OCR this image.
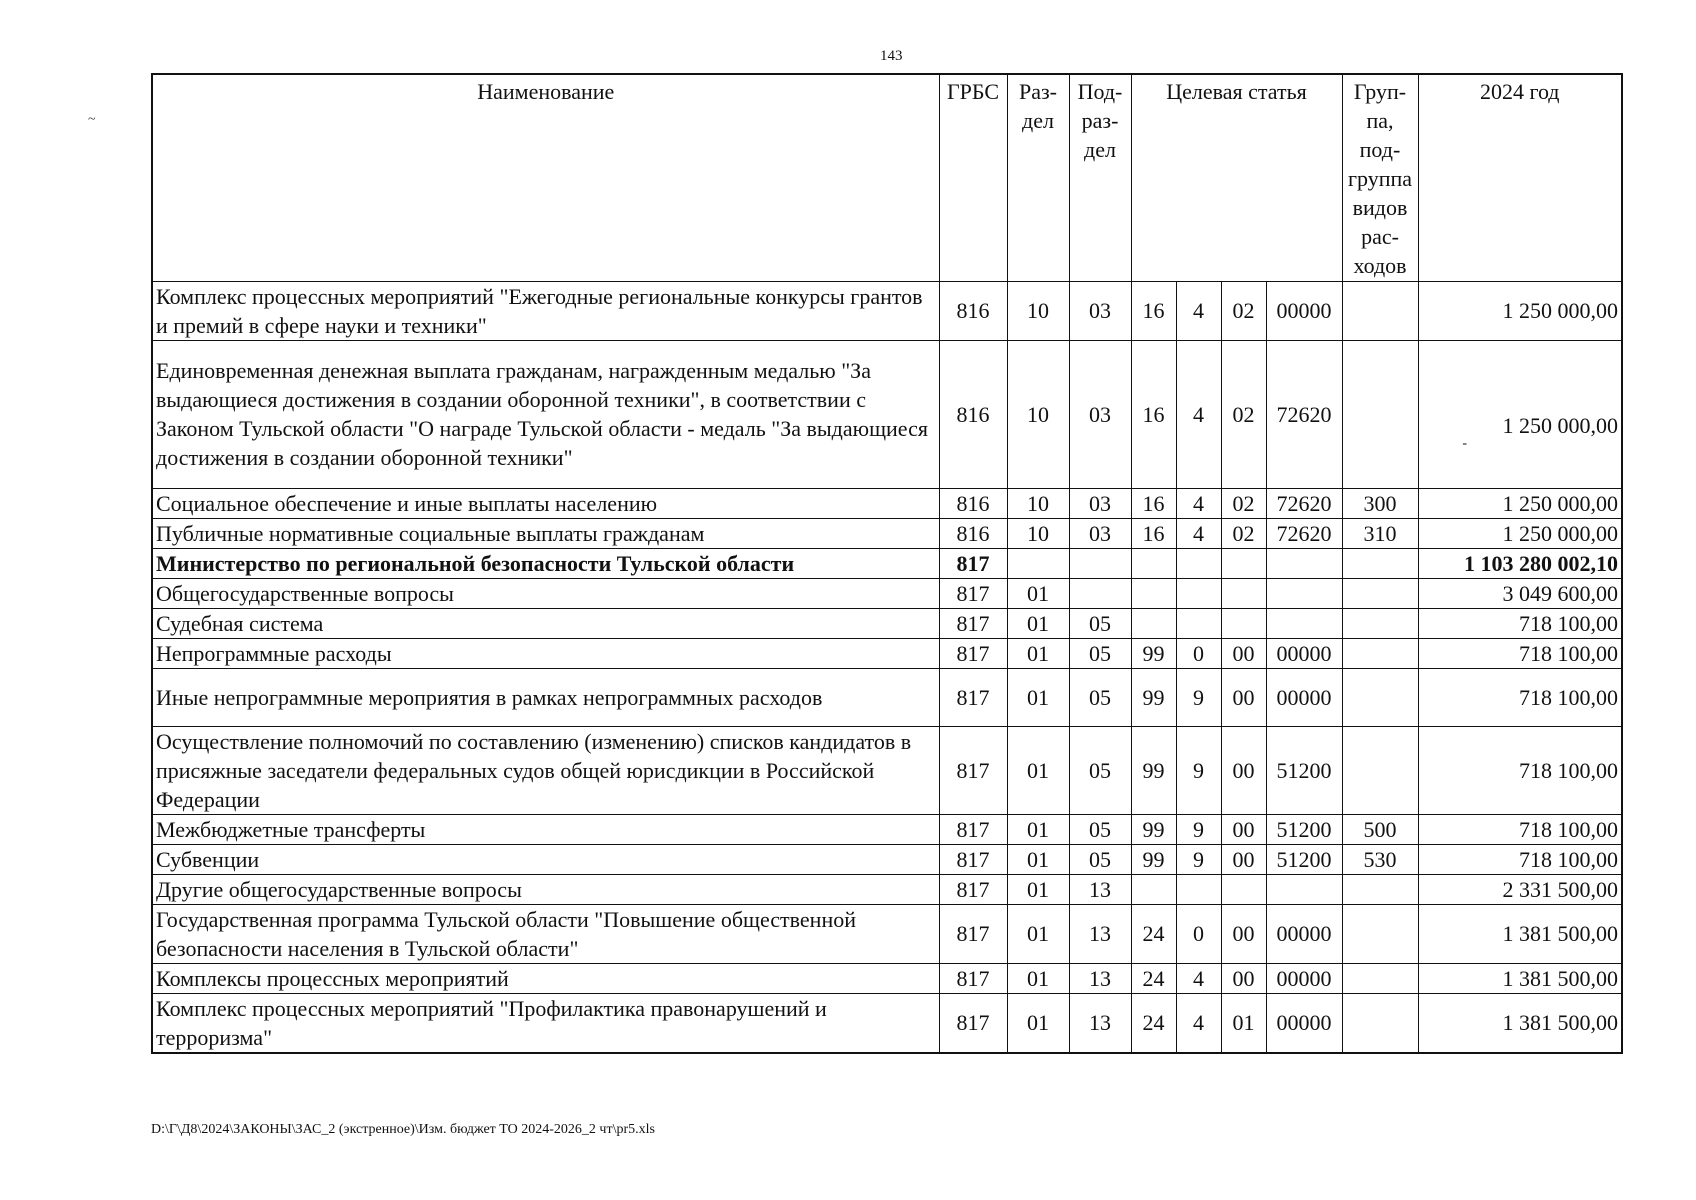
143
~
Наименование	ГРБС	Раз-дел	Под-раз-дел	Целевая статья				Груп-па, под-группа видов рас-ходов	2024 год
Комплекс процессных мероприятий "Ежегодные региональные конкурсы грантов и премий в сфере науки и техники"	816	10	03	16	4	02	00000		1 250 000,00
Единовременная денежная выплата гражданам, награжденным медалью "За выдающиеся достижения в создании оборонной техники", в соответствии с Законом Тульской области "О награде Тульской области - медаль "За выдающиеся достижения в создании оборонной техники"	816	10	03	16	4	02	72620		1 250 000,00

-

Социальное обеспечение и иные выплаты населению	816	10	03	16	4	02	72620	300	1 250 000,00
Публичные нормативные социальные выплаты гражданам	816	10	03	16	4	02	72620	310	1 250 000,00
Министерство по региональной безопасности Тульской области	817								1 103 280 002,10
Общегосударственные вопросы	817	01							3 049 600,00
Судебная система	817	01	05						718 100,00
Непрограммные расходы	817	01	05	99	0	00	00000		718 100,00
Иные непрограммные мероприятия в рамках непрограммных расходов	817	01	05	99	9	00	00000		718 100,00
Осуществление полномочий по составлению (изменению) списков кандидатов в присяжные заседатели федеральных судов общей юрисдикции в Российской Федерации	817	01	05	99	9	00	51200		718 100,00
Межбюджетные трансферты	817	01	05	99	9	00	51200	500	718 100,00
Субвенции	817	01	05	99	9	00	51200	530	718 100,00
Другие общегосударственные вопросы	817	01	13						2 331 500,00
Государственная программа Тульской области "Повышение общественной безопасности населения в Тульской области"	817	01	13	24	0	00	00000		1 381 500,00
Комплексы процессных мероприятий	817	01	13	24	4	00	00000		1 381 500,00
Комплекс процессных мероприятий "Профилактика правонарушений и терроризма"	817	01	13	24	4	01	00000		1 381 500,00
D:\Г\Д8\2024\ЗАКОНЫ\ЗАС_2 (экстренное)\Изм. бюджет ТО 2024-2026_2 чт\pr5.xls
